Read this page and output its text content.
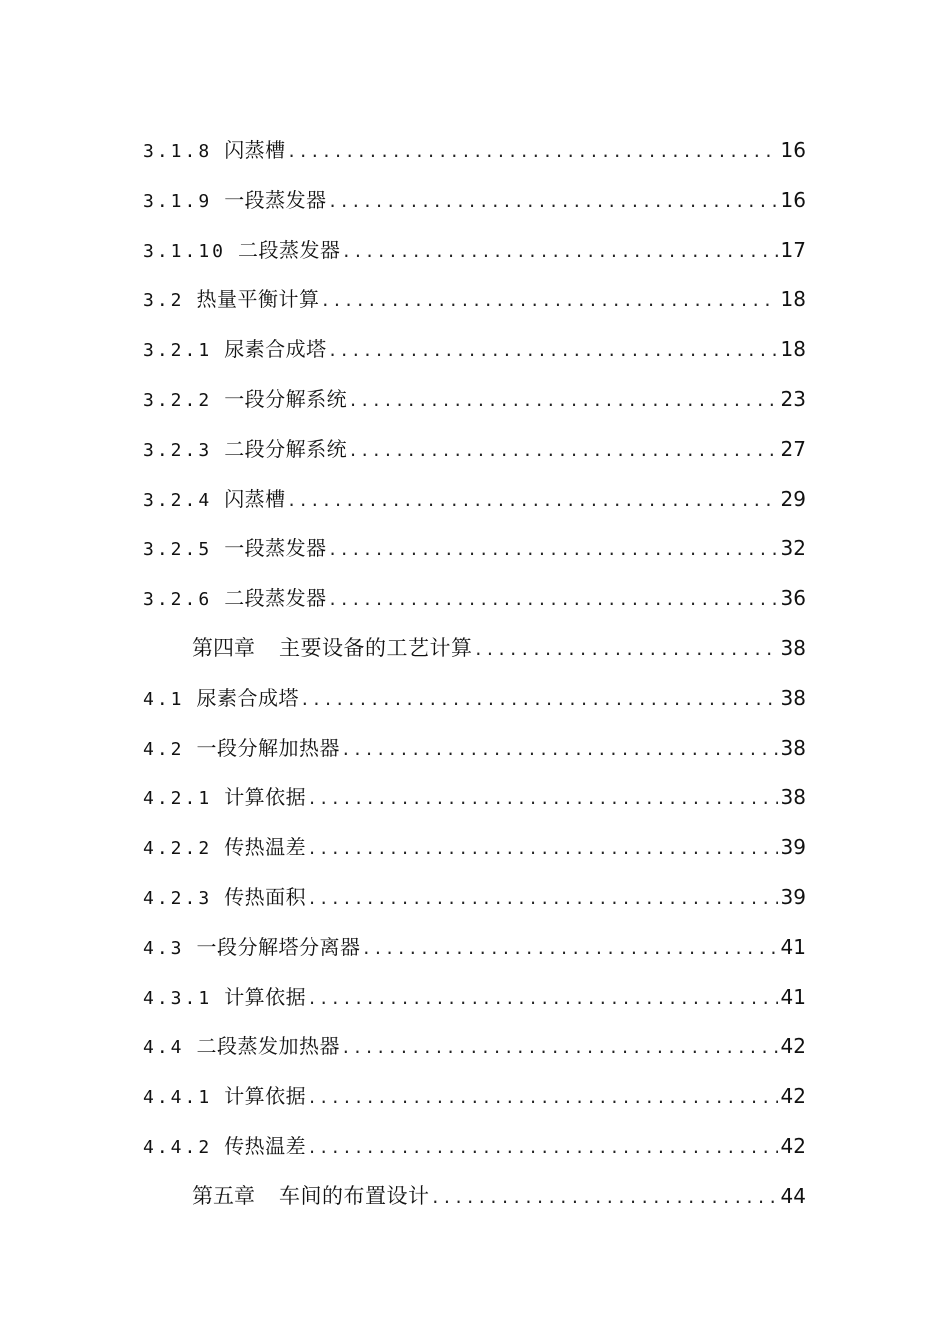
3.1.8 闪蒸槽 .....	16
3.1.9 一段蒸发器 .....	16
3.1.10 二段蒸发器 .....	17
3.2 热量平衡计算 .....	18
3.2.1 尿素合成塔 .....	18
3.2.2 一段分解系统 .....	23
3.2.3 二段分解系统 .....	27
3.2.4 闪蒸槽 .....	29
3.2.5 一段蒸发器 .....	32
3.2.6 二段蒸发器 .....	36
第四章 主要设备的工艺计算 .....	38
4.1 尿素合成塔 .....	38
4.2 一段分解加热器 .....	38
4.2.1 计算依据 .....	38
4.2.2 传热温差 .....	39
4.2.3 传热面积 .....	39
4.3 一段分解塔分离器 .....	41
4.3.1 计算依据 .....	41
4.4 二段蒸发加热器 .....	42
4.4.1 计算依据 .....	42
4.4.2 传热温差 .....	42
第五章 车间的布置设计 .....	44
